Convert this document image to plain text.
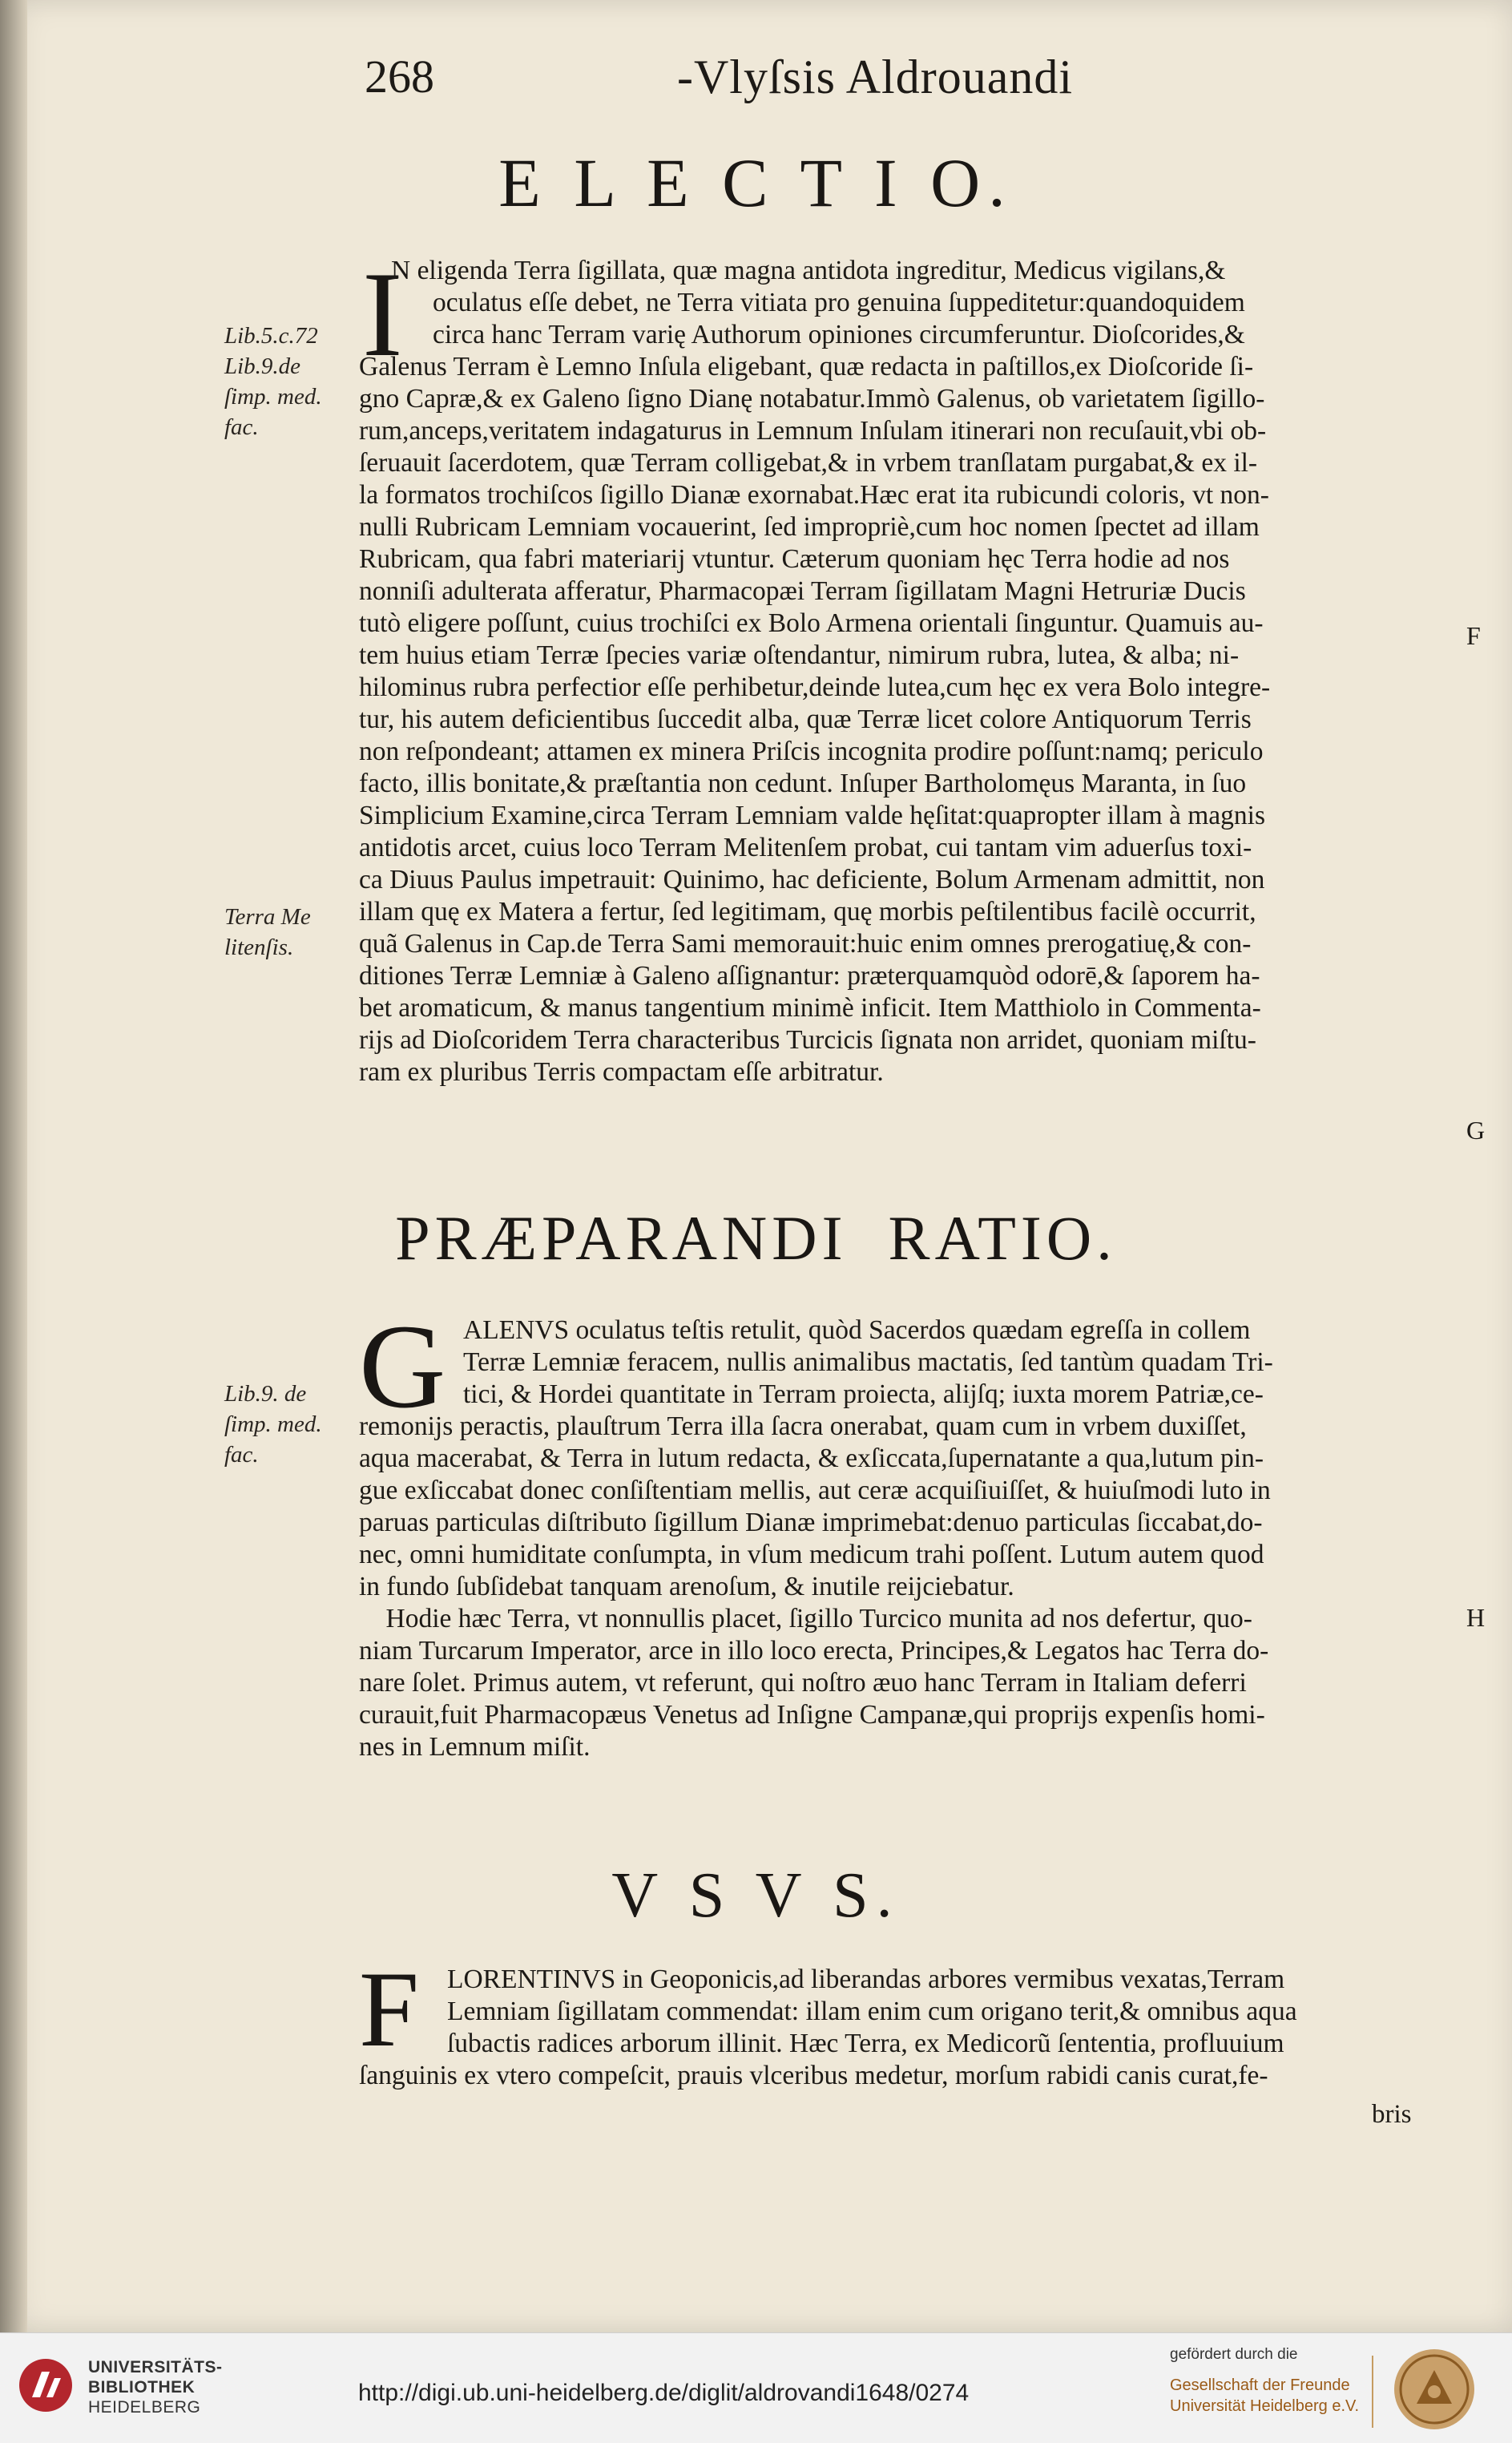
268	-Vlyſsis Aldrouandi
E L E C T I O.
I
N eligenda Terra ſigillata, quæ magna antidota ingreditur, Medicus vigilans,&
oculatus eſſe debet, ne Terra vitiata pro genuina ſuppeditetur:quandoquidem
circa hanc Terram varię Authorum opiniones circumferuntur. Dioſcorides,&
Galenus Terram è Lemno Inſula eligebant, quæ redacta in paſtillos,ex Dioſcoride ſi-
gno Capræ,& ex Galeno ſigno Dianę notabatur.Immò Galenus, ob varietatem ſigillo-
rum,anceps,veritatem indagaturus in Lemnum Inſulam itinerari non recuſauit,vbi ob-
ſeruauit ſacerdotem, quæ Terram colligebat,& in vrbem tranſlatam purgabat,& ex il-
la formatos trochiſcos ſigillo Dianæ exornabat.Hæc erat ita rubicundi coloris, vt non-
nulli Rubricam Lemniam vocauerint, ſed impropriè,cum hoc nomen ſpectet ad illam
Rubricam, qua fabri materiarij vtuntur. Cæterum quoniam hęc Terra hodie ad nos
nonniſi adulterata afferatur, Pharmacopæi Terram ſigillatam Magni Hetruriæ Ducis
tutò eligere poſſunt, cuius trochiſci ex Bolo Armena orientali ſinguntur. Quamuis au-
tem huius etiam Terræ ſpecies variæ oſtendantur, nimirum rubra, lutea, & alba; ni-
hilominus rubra perfectior eſſe perhibetur,deinde lutea,cum hęc ex vera Bolo integre-
tur, his autem deficientibus ſuccedit alba, quæ Terræ licet colore Antiquorum Terris
non reſpondeant; attamen ex minera Priſcis incognita prodire poſſunt:namq; periculo
facto, illis bonitate,& præſtantia non cedunt. Inſuper Bartholomęus Maranta, in ſuo
Simplicium Examine,circa Terram Lemniam valde hęſitat:quapropter illam à magnis
antidotis arcet, cuius loco Terram Melitenſem probat, cui tantam vim aduerſus toxi-
ca Diuus Paulus impetrauit: Quinimo, hac deficiente, Bolum Armenam admittit, non
illam quę ex Matera a fertur, ſed legitimam, quę morbis peſtilentibus facilè occurrit,
quã Galenus in Cap.de Terra Sami memorauit:huic enim omnes prerogatiuę,& con-
ditiones Terræ Lemniæ à Galeno aſſignantur: præterquamquòd odorē,& ſaporem ha-
bet aromaticum, & manus tangentium minimè inficit. Item Matthiolo in Commenta-
rijs ad Dioſcoridem Terra characteribus Turcicis ſignata non arridet, quoniam miſtu-
ram ex pluribus Terris compactam eſſe arbitratur.
PRÆPARANDI  RATIO.
G ALENVS oculatus teſtis retulit, quòd Sacerdos quædam egreſſa in collem
Terræ Lemniæ feracem, nullis animalibus mactatis, ſed tantùm quadam Tri-
tici, & Hordei quantitate in Terram proiecta, alijſq; iuxta morem Patriæ,ce-
remonijs peractis, plauſtrum Terra illa ſacra onerabat, quam cum in vrbem duxiſſet,
aqua macerabat, & Terra in lutum redacta, & exſiccata,ſupernatante a qua,lutum pin-
gue exſiccabat donec conſiſtentiam mellis, aut ceræ acquiſiuiſſet, & huiuſmodi luto in
paruas particulas diſtributo ſigillum Dianæ imprimebat:denuo particulas ſiccabat,do-
nec, omni humiditate conſumpta, in vſum medicum trahi poſſent. Lutum autem quod
in fundo ſubſidebat tanquam arenoſum, & inutile reijciebatur.
Hodie hæc Terra, vt nonnullis placet, ſigillo Turcico munita ad nos defertur, quo-
niam Turcarum Imperator, arce in illo loco erecta, Principes,& Legatos hac Terra do-
nare ſolet. Primus autem, vt referunt, qui noſtro æuo hanc Terram in Italiam deferri
curauit,fuit Pharmacopæus Venetus ad Inſigne Campanæ,qui proprijs expenſis homi-
nes in Lemnum miſit.
V S V S.
F	LORENTINVS in Geoponicis,ad liberandas arbores vermibus vexatas,Terram
Lemniam ſigillatam commendat: illam enim cum origano terit,& omnibus aqua
ſubactis radices arborum illinit. Hæc Terra, ex Medicorũ ſententia, profluuium
ſanguinis ex vtero compeſcit, prauis vlceribus medetur, morſum rabidi canis curat,fe-
bris
Lib.5.c.72
Lib.9.de
ſimp. med.
fac.
Terra Me
litenſis.
Lib.9. de
ſimp. med.
fac.
F
G
H
UNIVERSITÄTS-
BIBLIOTHEK
HEIDELBERG
http://digi.ub.uni-heidelberg.de/diglit/aldrovandi1648/0274
gefördert durch die
Gesellschaft der Freunde
Universität Heidelberg e.V.
